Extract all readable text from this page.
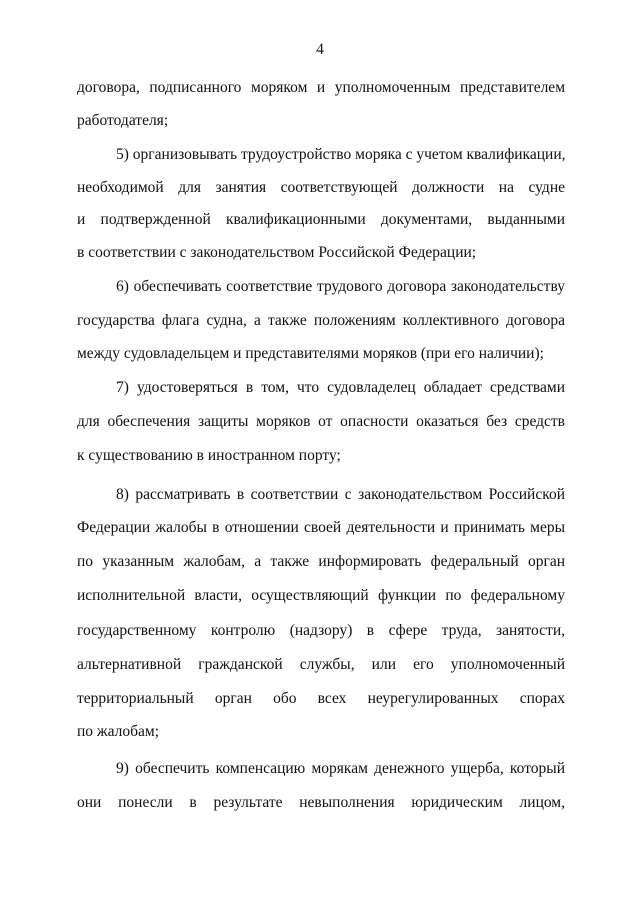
4
договора, подписанного моряком и уполномоченным представителем
работодателя;
5) организовывать трудоустройство моряка с учетом квалификации,
необходимой для занятия соответствующей должности на судне
и подтвержденной квалификационными документами, выданными
в соответствии с законодательством Российской Федерации;
6) обеспечивать соответствие трудового договора законодательству
государства флага судна, а также положениям коллективного договора
между судовладельцем и представителями моряков (при его наличии);
7) удостоверяться в том, что судовладелец обладает средствами
для обеспечения защиты моряков от опасности оказаться без средств
к существованию в иностранном порту;
8) рассматривать в соответствии с законодательством Российской
Федерации жалобы в отношении своей деятельности и принимать меры
по указанным жалобам, а также информировать федеральный орган
исполнительной власти, осуществляющий функции по федеральному
государственному контролю (надзору) в сфере труда, занятости,
альтернативной гражданской службы, или его уполномоченный
территориальный орган обо всех неурегулированных спорах
по жалобам;
9) обеспечить компенсацию морякам денежного ущерба, который
они понесли в результате невыполнения юридическим лицом,
